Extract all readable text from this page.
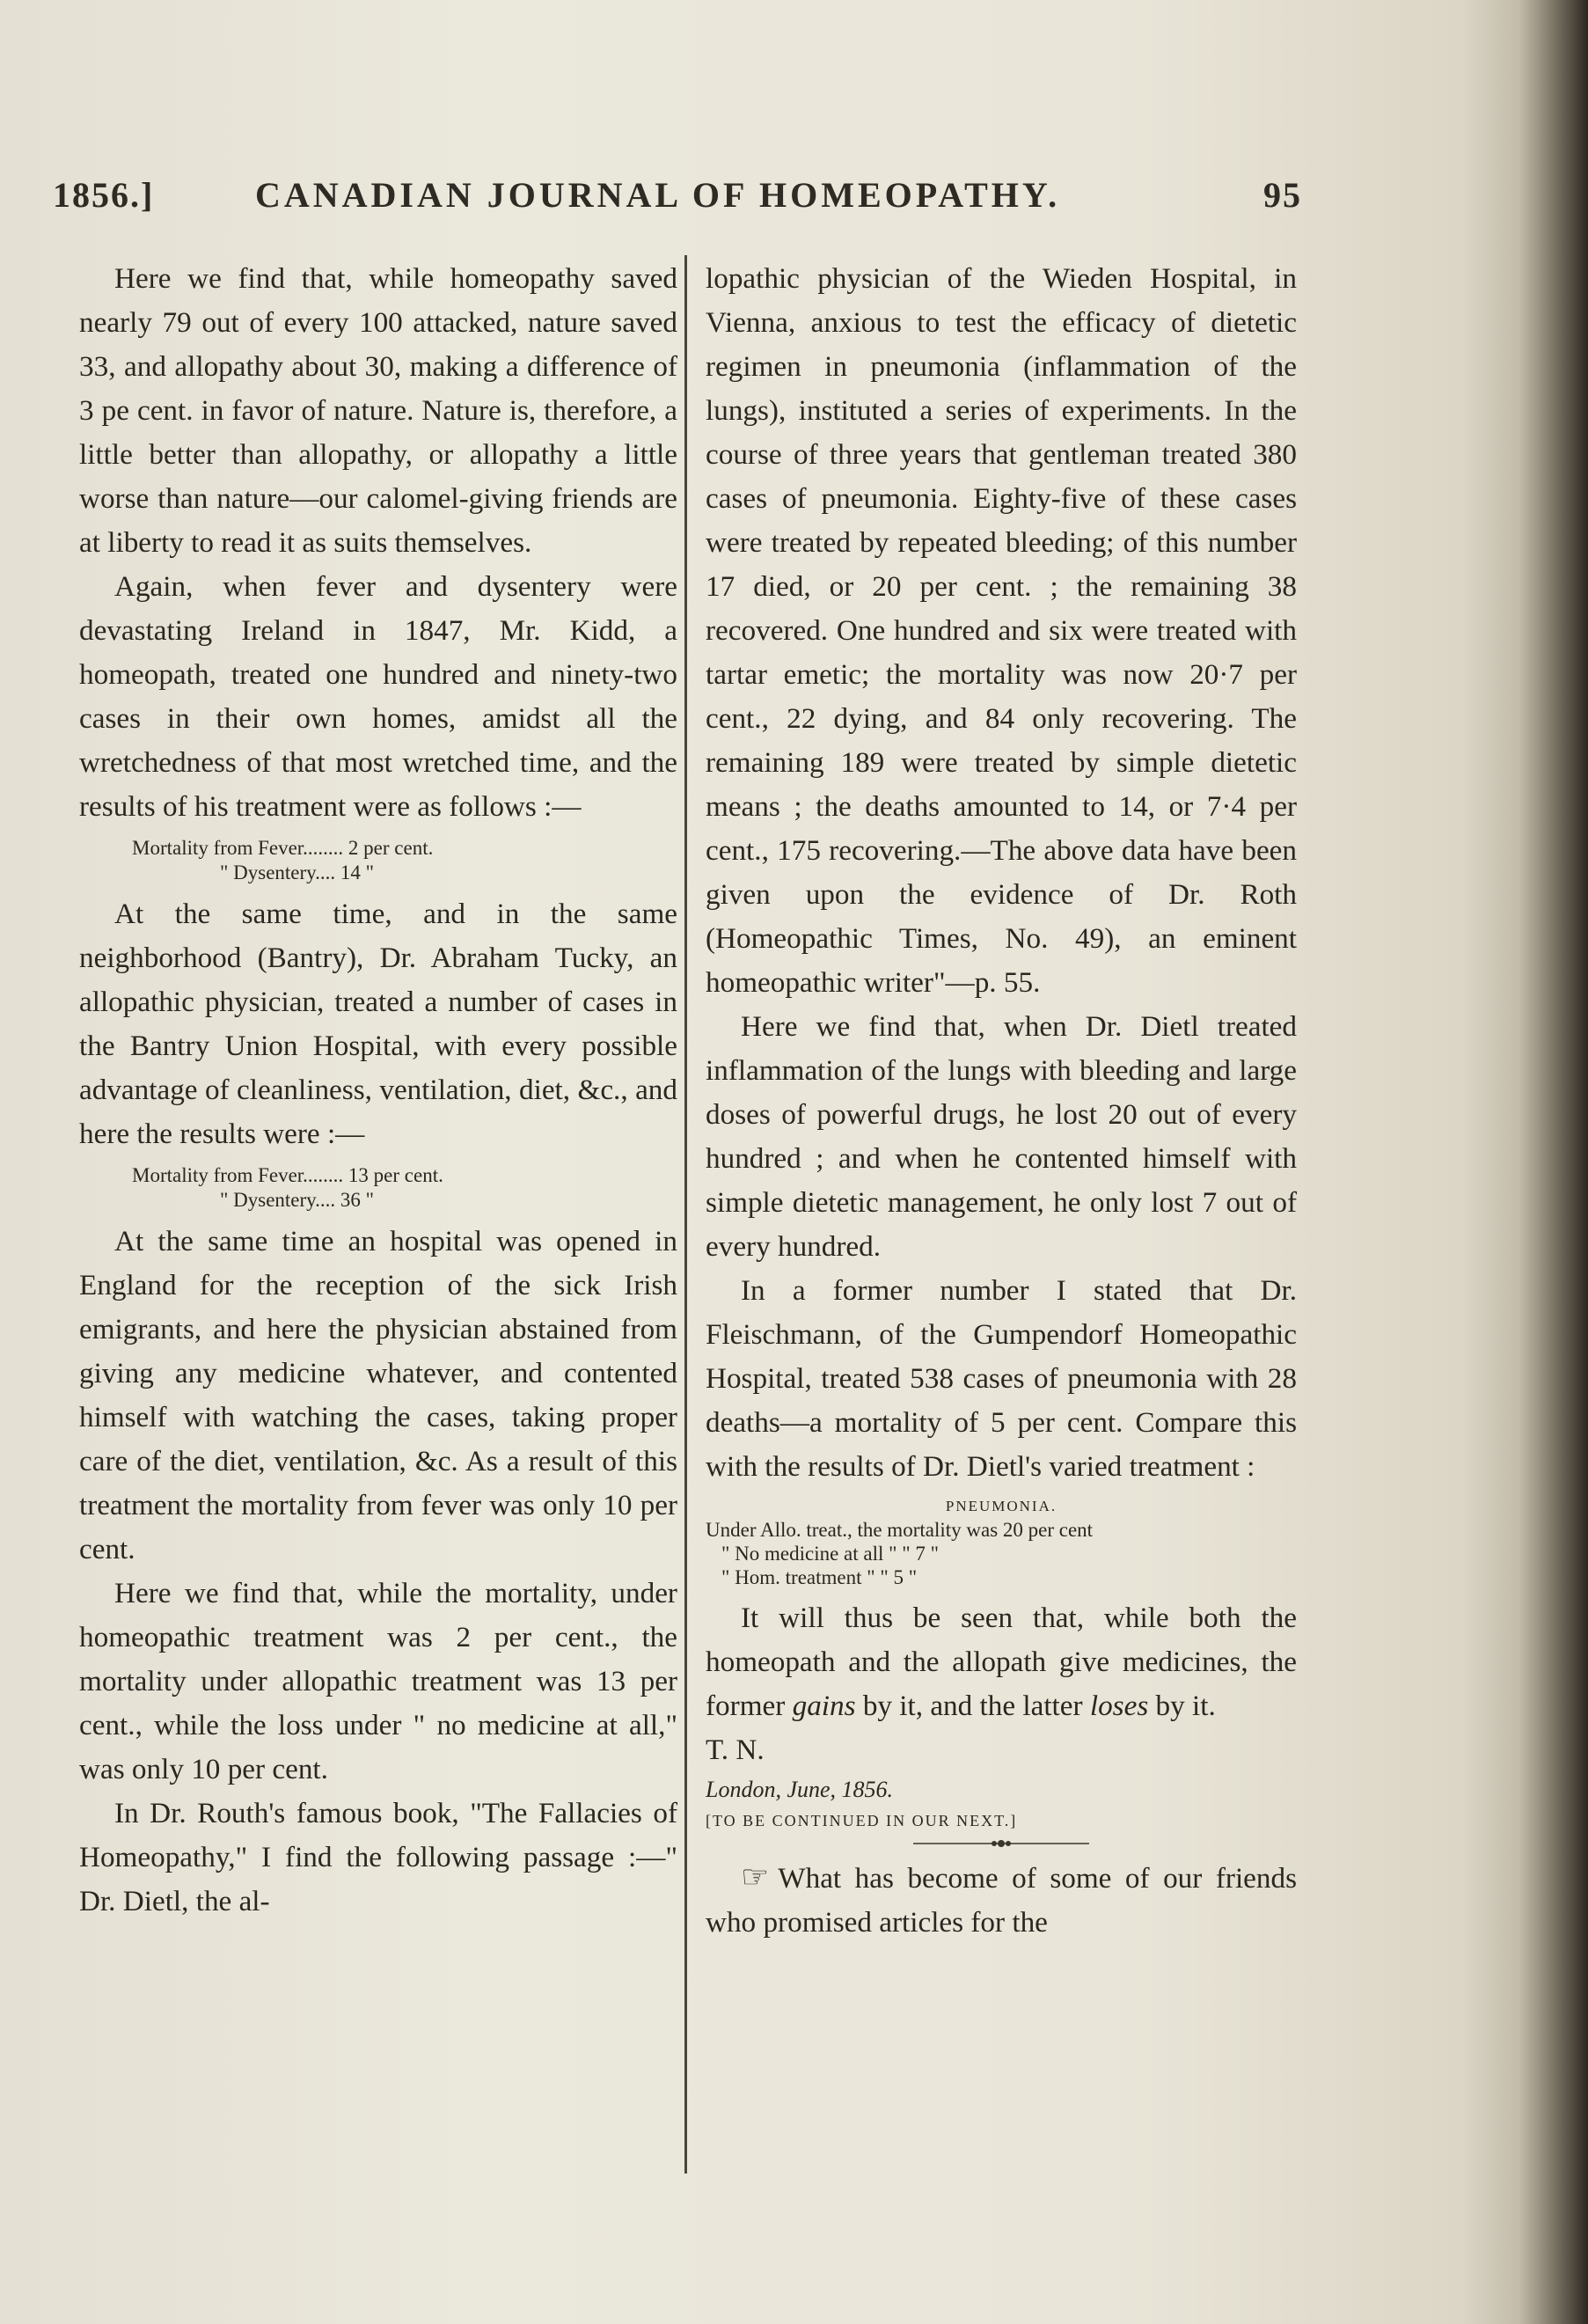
1856.]	CANADIAN JOURNAL OF HOMEOPATHY.	95

Here we find that, while homeopathy saved nearly 79 out of every 100 attacked, nature saved 33, and allopathy about 30, making a difference of 3 pe cent. in favor of nature. Nature is, therefore, a little better than allopathy, or allopathy a little worse than nature—our calomel-giving friends are at liberty to read it as suits themselves.

Again, when fever and dysentery were devastating Ireland in 1847, Mr. Kidd, a homeopath, treated one hundred and ninety-two cases in their own homes, amidst all the wretchedness of that most wretched time, and the results of his treatment were as follows :—

Mortality from Fever........ 2 per cent.
" Dysentery.... 14 "

At the same time, and in the same neighborhood (Bantry), Dr. Abraham Tucky, an allopathic physician, treated a number of cases in the Bantry Union Hospital, with every possible advantage of cleanliness, ventilation, diet, &c., and here the results were :—

Mortality from Fever........ 13 per cent.
" Dysentery.... 36 "

At the same time an hospital was opened in England for the reception of the sick Irish emigrants, and here the physician abstained from giving any medicine whatever, and contented himself with watching the cases, taking proper care of the diet, ventilation, &c. As a result of this treatment the mortality from fever was only 10 per cent.

Here we find that, while the mortality, under homeopathic treatment was 2 per cent., the mortality under allopathic treatment was 13 per cent., while the loss under " no medicine at all," was only 10 per cent.

In Dr. Routh's famous book, "The Fallacies of Homeopathy," I find the following passage :—" Dr. Dietl, the al-

lopathic physician of the Wieden Hospital, in Vienna, anxious to test the efficacy of dietetic regimen in pneumonia (inflammation of the lungs), instituted a series of experiments. In the course of three years that gentleman treated 380 cases of pneumonia. Eighty-five of these cases were treated by repeated bleeding; of this number 17 died, or 20 per cent. ; the remaining 38 recovered. One hundred and six were treated with tartar emetic; the mortality was now 20·7 per cent., 22 dying, and 84 only recovering. The remaining 189 were treated by simple dietetic means ; the deaths amounted to 14, or 7·4 per cent., 175 recovering.—The above data have been given upon the evidence of Dr. Roth (Homeopathic Times, No. 49), an eminent homeopathic writer"—p. 55.

Here we find that, when Dr. Dietl treated inflammation of the lungs with bleeding and large doses of powerful drugs, he lost 20 out of every hundred ; and when he contented himself with simple dietetic management, he only lost 7 out of every hundred.

In a former number I stated that Dr. Fleischmann, of the Gumpendorf Homeopathic Hospital, treated 538 cases of pneumonia with 28 deaths—a mortality of 5 per cent. Compare this with the results of Dr. Dietl's varied treatment :

PNEUMONIA.
Under Allo. treat., the mortality was 20 per cent
" No medicine at all " " 7 "
" Hom. treatment " " 5 "

It will thus be seen that, while both the homeopath and the allopath give medicines, the former gains by it, and the latter loses by it.

T. N.

London, June, 1856.

[TO BE CONTINUED IN OUR NEXT.]

☞ What has become of some of our friends who promised articles for the
